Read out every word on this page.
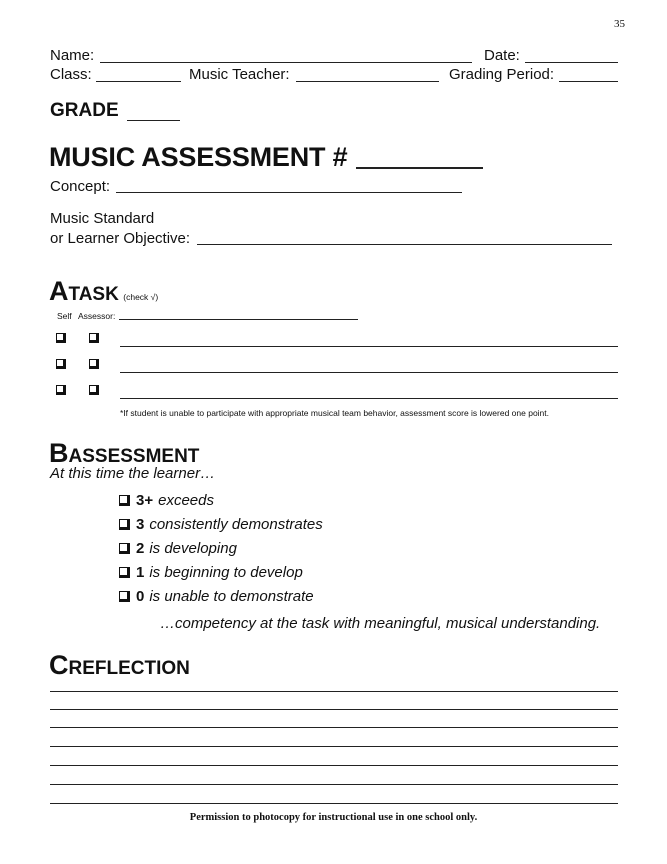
35
Name:	Date:
Class:	Music Teacher:	Grading Period:
GRADE
MUSIC ASSESSMENT #
Concept:
Music Standard
or Learner Objective:
ATASK (check √)
Self Assessor:
*If student is unable to participate with appropriate musical team behavior, assessment score is lowered one point.
BASSESSMENT
At this time the learner…
3+ exceeds
3 consistently demonstrates
2 is developing
1 is beginning to develop
0 is unable to demonstrate
…competency at the task with meaningful, musical understanding.
CREFLECTION
Permission to photocopy for instructional use in one school only.
